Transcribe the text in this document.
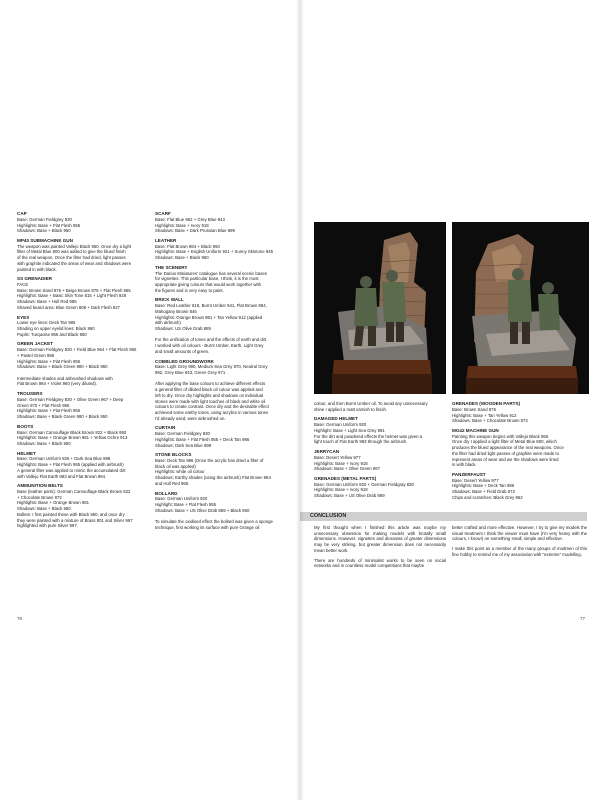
CAP
Base: German Fieldgrey 830
Highlights: Base + Flat Flesh 955
Shadows: Base + Black 950
MP40 SUBMACHINE GUN
The weapon was painted Vallejo Black 950. Once dry a light
filter of Metal Blue 800 was added to give the blued finish
of the real weapon. Once the filter had dried, light passes
with graphite indicated the areas of wear and shadows were
painted in with black.
SS GRENADIER
FACE
Base: Brown Sand 876 + Beige Brown 875 + Flat Flesh 955
Highlights: Base + Basic Skin Tone 815 + Light Flesh 928
Shadows: Base + Hull Red 985
Shaved beard area: Blue Green 808 + Dark Flesh 927
EYES
Lower eye lines: Deck Tan 986
Shading on upper eyelid lines: Black 950
Pupils: Turquoise 966 and Black 950
GREEN JACKET
Base: German Fieldgrey 830 + Field Blue 964 + Flat Flesh 955
+ Pastel Green 885
Highlights: Base + Flat Flesh 955
Shadows: Base + Black Green 980 + Black 950

Intermediate shades and airbrushed shadows with
Flat Brown 984 + Violet 960 (very diluted).
TROUSERS
Base: German Fieldgrey 830 + Olive Green 967 + Deep
Green 970 + Flat Flesh 955
Highlights: Base + Flat Flesh 955
Shadows: Base + Black Green 980 + Black 950
BOOTS
Base: German Camouflage Black Brown 822 + Black 950
Highlights: Base + Orange Brown 981 + Yellow Ochre 913
Shadows: Base + Black 950
HELMET
Base: German Uniform 920 + Dark Sea Blue 898
Highlights: Base + Flat Flesh 955 (applied with airbrush)
A general filter was applied to mimic the accumulated dirt
with Vallejo Flat Earth 983 and Flat Brown 984.
AMMUNITION BELTS
Base (leather parts): German Camouflage Black Brown 822
+ Chocolate Brown 872
Highlights: Base + Orange Brown 981
Shadows: Base + Black 950
Bullets: I first painted these with Black 950, and once dry
they were painted with a mixture of Brass 801 and Silver 997
highlighted with pure Silver 997.
SCARF
Base: Flat Blue 962 + Grey Blue 943
Highlights: Base + Ivory 918
Shadows: Base + Dark Prussian Blue 899
LEATHER
Base: Flat Brown 984 + Black 950
Highlights: Base + English Uniform 921 + Sunny Skintone 845
Shadows: Base + Black 950
THE SCENERY
The Darius Miniatures' catalogue has several scenic bases
for vignettes. This particular base, I think, it is the most
appropriate giving colours that would work together with
the figures and is very easy to paint.
BRICK WALL
Base: Red Leather 818, Burnt Umber 941, Flat Brown 984,
Mahogany Brown 846
Highlights: Orange Brown 981 + Tan Yellow 912 (applied
with airbrush)
Shadows: US Olive Drab 889

For the unification of tones and the effects of earth and dirt
I worked with oil colours - Burnt Umber, Earth, Light Grey
and small amounts of green.
COBBLED GROUNDWORK
Base: Light Grey 990, Medium Sea Grey 870, Neutral Grey
992, Grey Blue 943, Green Grey 971

After applying the base colours to achieve different effects
a general filter of diluted black oil colour was applied and
left to dry. Once dry highlights and shadows on individual
stones were made with light touches of black and white oil
colours to create contrast. Once dry and the desirable effect
achieved some earthy tones, using acrylics in various tones
I'd already used, were airbrushed on.
CURTAIN
Base: German Fieldgrey 830
Highlights: Base + Flat Flesh 955 + Deck Tan 986
Shadows: Dark Sea Blue 898
STONE BLOCKS
Base: Deck Tan 986 (Once the acrylic has dried a filter of
black oil was applied)
Highlights: white oil colour
Shadows: Earthy shades (using the airbrush) Flat Brown 984
and Hull Red 985.
BOLLARD
Base: German Uniform 920
Highlight: Base + Flat Flesh 955
Shadows: Base + US Olive Drab 889 + Black 950

To simulate the oxidised effect the bollard was given a sponge
technique, first working its surface with pure Orange oil
76
colour, and then Burnt Umber oil. To avoid any unnecessary
shine I applied a matt varnish to finish.
DAMAGED HELMET
Base: German Uniform 920
Highlight: Base + Light Sea Grey 991
For the dirt and powdered effects the helmet was given a
light touch of Flat Earth 983 through the airbrush.
JERRYCAN
Base: Desert Yellow 977
Highlights: Base + Ivory 918
Shadows: Base + Olive Green 967
GRENADES (METAL PARTS)
Base: German Uniform 920 + German Fieldgray 830
Highlights: Base + Ivory 918
Shadows: Base + US Olive Drab 889
GRENADES (WOODEN PARTS)
Base: Brown Sand 876
Highlights: Base + Tan Yellow 912
Shadows: Base + Chocolate Brown 872
MG42 MACHINE GUN
Painting this weapon begins with Vallejo Black 950.
Once dry I applied a light filter of Metal Blue 800, which
produces the blued appearance of the real weapons. Once
the filter had dried light passes of graphite were made to
represent areas of wear and we the shadows were lined
in with black.
PANZERFAUST
Base: Desert Yellow 977
Highlights: Base + Deck Tan 986
Shadows: Base + Field Drab 873
Chips and scratches: Black Grey 862
My first thought when I finished this article was maybe my unnecessary obsession for making models with brutally small dimensions. However, vignettes and dioramas of greater dimensions may be very striking, but greater dimension does not necessarily mean better work.
There are hundreds of minimalist works to be seen on social networks and in countless model competitions that maybe
better crafted and more effective. However, I try to give my models the visual treatment I think the viewer must have (I'm very heavy with the colours, I know!) on something small, simple and effective.
I make this point as a member of the many groups of modmen of this fine hobby to remind me of my association with "extreme" modelling.
77
CONCLUSION
